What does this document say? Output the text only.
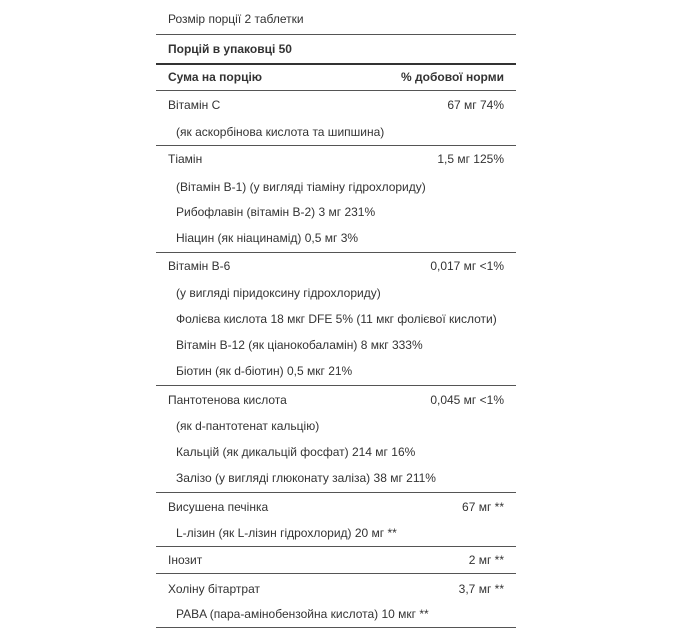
Розмір порції 2 таблетки
Порцій в упаковці 50
Сума на порцію	% добової норми
Вітамін С	67 мг 74%
(як аскорбінова кислота та шипшина)
Тіамін	1,5 мг 125%
(Вітамін В-1) (у вигляді тіаміну гідрохлориду)
Рибофлавін (вітамін В-2) 3 мг 231%
Ніацин (як ніацинамід) 0,5 мг 3%
Вітамін В-6	0,017 мг <1%
(у вигляді піридоксину гідрохлориду)
Фолієва кислота 18 мкг DFE 5% (11 мкг фолієвої кислоти)
Вітамін В-12 (як ціанокобаламін) 8 мкг 333%
Біотин (як d-біотин) 0,5 мкг 21%
Пантотенова кислота	0,045 мг <1%
(як d-пантотенат кальцію)
Кальцій (як дикальцій фосфат) 214 мг 16%
Залізо (у вигляді глюконату заліза) 38 мг 211%
Висушена печінка	67 мг **
L-лізин (як L-лізин гідрохлорид) 20 мг **
Інозит	2 мг **
Холіну бітартрат	3,7 мг **
PABA (пара-амінобензойна кислота) 10 мкг **
